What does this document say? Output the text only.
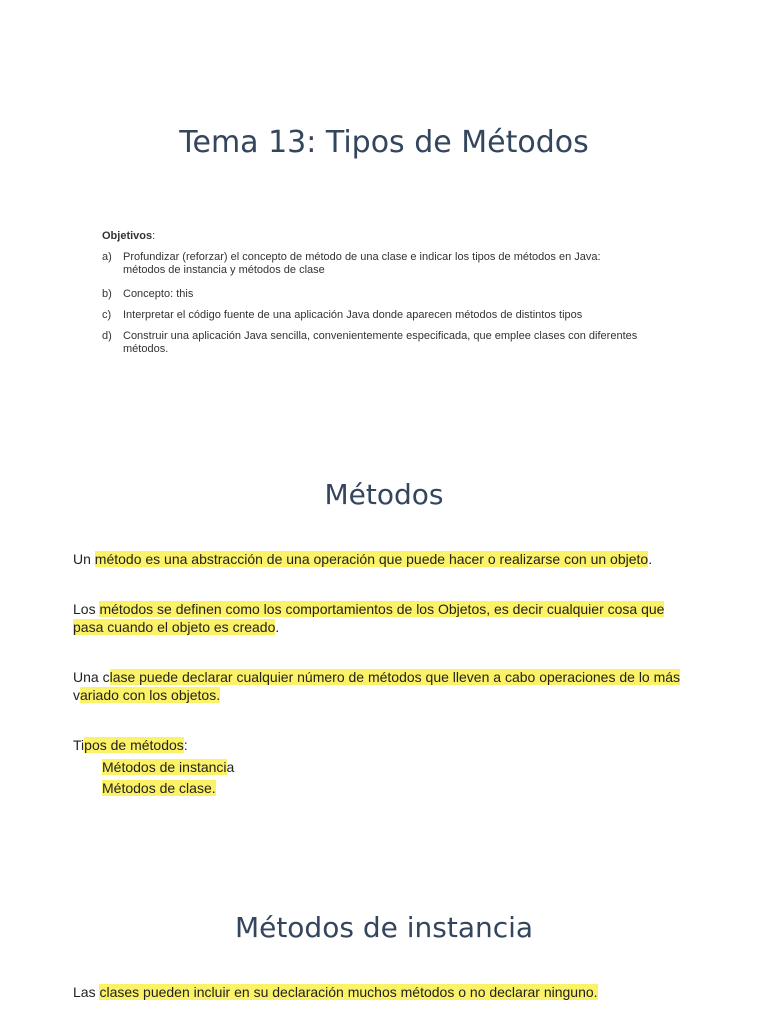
Tema 13: Tipos de Métodos
Objetivos:
a)	Profundizar (reforzar) el concepto de método de una clase e indicar los tipos de métodos en Java:
métodos de instancia y métodos de clase
b)	Concepto: this
c)	Interpretar el código fuente de una aplicación Java donde aparecen métodos de distintos tipos
d)	Construir una aplicación Java sencilla, convenientemente especificada, que emplee clases con diferentes
métodos.
Métodos
Un método es una abstracción de una operación que puede hacer o realizarse con un objeto.
Los métodos se definen como los comportamientos de los Objetos, es decir cualquier cosa que
pasa cuando el objeto es creado.
Una clase puede declarar cualquier número de métodos que lleven a cabo operaciones de lo más
variado con los objetos.
Tipos de métodos:
Métodos de instancia
Métodos de clase.
Métodos de instancia
Las clases pueden incluir en su declaración muchos métodos o no declarar ninguno.
